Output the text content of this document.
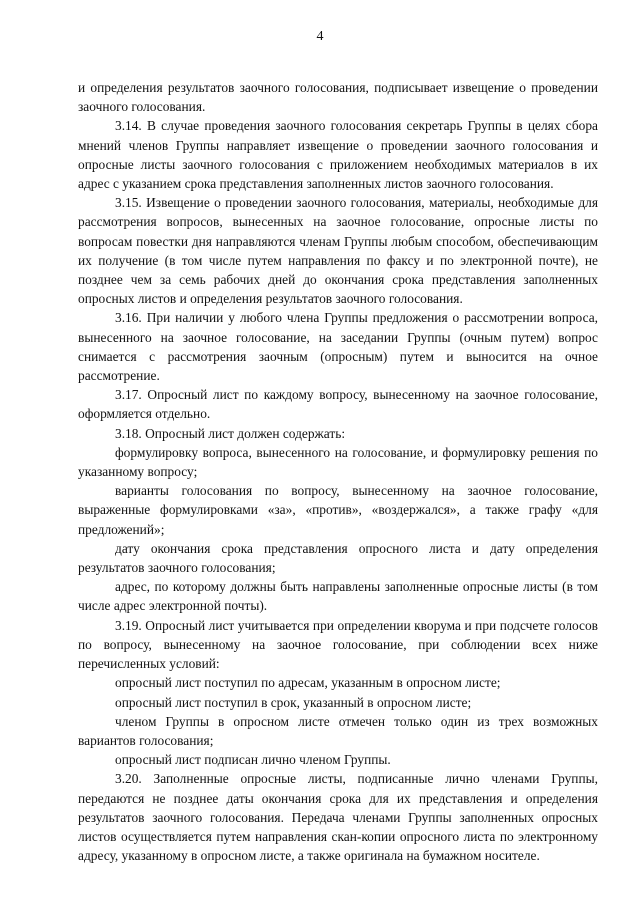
4

и определения результатов заочного голосования, подписывает извещение о проведении заочного голосования.

3.14. В случае проведения заочного голосования секретарь Группы в целях сбора мнений членов Группы направляет извещение о проведении заочного голосования и опросные листы заочного голосования с приложением необходимых материалов в их адрес с указанием срока представления заполненных листов заочного голосования.

3.15. Извещение о проведении заочного голосования, материалы, необходимые для рассмотрения вопросов, вынесенных на заочное голосование, опросные листы по вопросам повестки дня направляются членам Группы любым способом, обеспечивающим их получение (в том числе путем направления по факсу и по электронной почте), не позднее чем за семь рабочих дней до окончания срока представления заполненных опросных листов и определения результатов заочного голосования.

3.16. При наличии у любого члена Группы предложения о рассмотрении вопроса, вынесенного на заочное голосование, на заседании Группы (очным путем) вопрос снимается с рассмотрения заочным (опросным) путем и выносится на очное рассмотрение.

3.17. Опросный лист по каждому вопросу, вынесенному на заочное голосование, оформляется отдельно.

3.18. Опросный лист должен содержать:

формулировку вопроса, вынесенного на голосование, и формулировку решения по указанному вопросу;

варианты голосования по вопросу, вынесенному на заочное голосование, выраженные формулировками «за», «против», «воздержался», а также графу «для предложений»;

дату окончания срока представления опросного листа и дату определения результатов заочного голосования;

адрес, по которому должны быть направлены заполненные опросные листы (в том числе адрес электронной почты).

3.19. Опросный лист учитывается при определении кворума и при подсчете голосов по вопросу, вынесенному на заочное голосование, при соблюдении всех ниже перечисленных условий:

опросный лист поступил по адресам, указанным в опросном листе;

опросный лист поступил в срок, указанный в опросном листе;

членом Группы в опросном листе отмечен только один из трех возможных вариантов голосования;

опросный лист подписан лично членом Группы.

3.20. Заполненные опросные листы, подписанные лично членами Группы, передаются не позднее даты окончания срока для их представления и определения результатов заочного голосования. Передача членами Группы заполненных опросных листов осуществляется путем направления скан-копии опросного листа по электронному адресу, указанному в опросном листе, а также оригинала на бумажном носителе.
